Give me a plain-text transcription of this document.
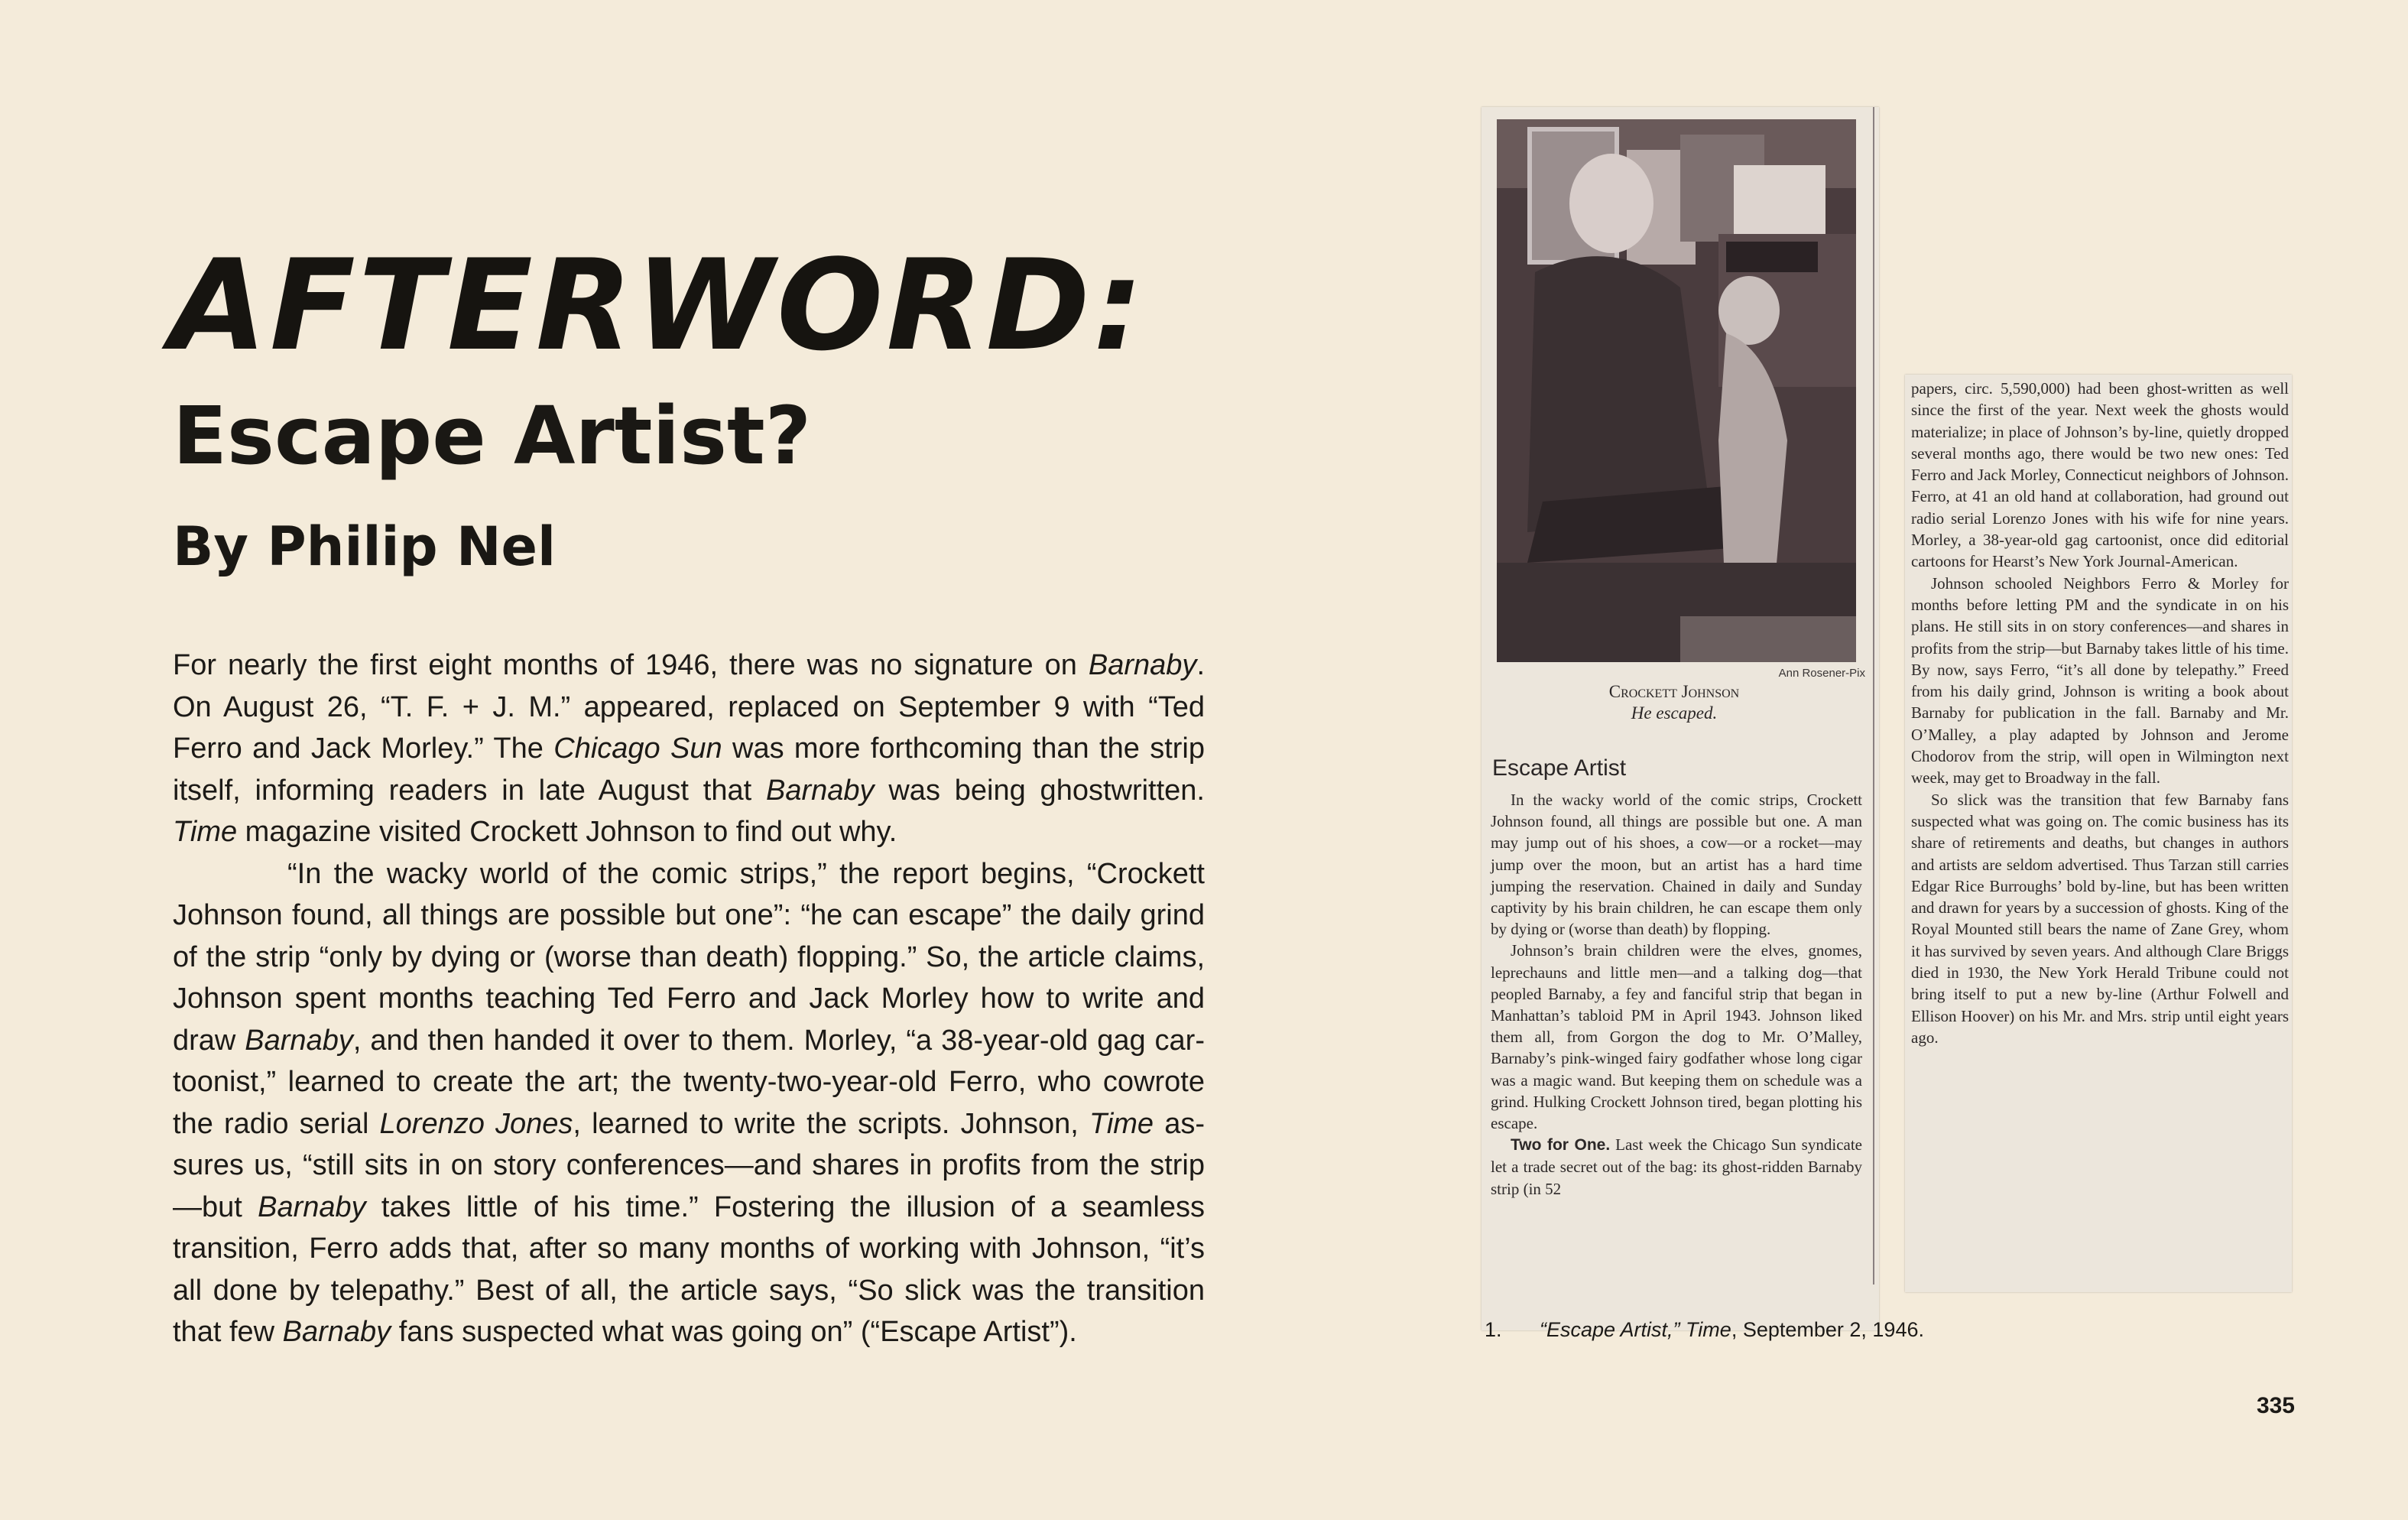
AFTERWORD:
Escape Artist?
By Philip Nel

For nearly the first eight months of 1946, there was no signature on Barnaby. On August 26, “T. F. + J. M.” appeared, replaced on September 9 with “Ted Ferro and Jack Morley.” The Chicago Sun was more forthcoming than the strip itself, informing readers in late August that Barnaby was being ghostwritten. Time magazine visited Crockett Johnson to find out why.

“In the wacky world of the comic strips,” the report begins, “Crockett Johnson found, all things are possible but one”: “he can escape” the daily grind of the strip “only by dying or (worse than death) flopping.” So, the article claims, Johnson spent months teaching Ted Ferro and Jack Morley how to write and draw Barnaby, and then handed it over to them. Morley, “a 38-year-old gag cartoonist,” learned to create the art; the twenty-two-year-old Ferro, who cowrote the radio serial Lorenzo Jones, learned to write the scripts. Johnson, Time assures us, “still sits in on story conferences—and shares in profits from the strip—but Barnaby takes little of his time.” Fostering the illusion of a seamless transition, Ferro adds that, after so many months of working with Johnson, “it’s all done by telepathy.” Best of all, the article says, “So slick was the transition that few Barnaby fans suspected what was going on” (“Escape Artist”).

Ann Rosener-Pix
Crockett Johnson
He escaped.
Escape Artist

In the wacky world of the comic strips, Crockett Johnson found, all things are possible but one. A man may jump out of his shoes, a cow—or a rocket—may jump over the moon, but an artist has a hard time jumping the reservation. Chained in daily and Sunday captivity by his brain children, he can escape them only by dying or (worse than death) by flopping.

Johnson’s brain children were the elves, gnomes, leprechauns and little men—and a talking dog—that peopled Barnaby, a fey and fanciful strip that began in Manhattan’s tabloid PM in April 1943. Johnson liked them all, from Gorgon the dog to Mr. O’Malley, Barnaby’s pink-winged fairy godfather whose long cigar was a magic wand. But keeping them on schedule was a grind. Hulking Crockett Johnson tired, began plotting his escape.

Two for One. Last week the Chicago Sun syndicate let a trade secret out of the bag: its ghost-ridden Barnaby strip (in 52

papers, circ. 5,590,000) had been ghost-written as well since the first of the year. Next week the ghosts would materialize; in place of Johnson’s by-line, quietly dropped several months ago, there would be two new ones: Ted Ferro and Jack Morley, Connecticut neighbors of Johnson. Ferro, at 41 an old hand at collaboration, had ground out radio serial Lorenzo Jones with his wife for nine years. Morley, a 38-year-old gag cartoonist, once did editorial cartoons for Hearst’s New York Journal-American.

Johnson schooled Neighbors Ferro & Morley for months before letting PM and the syndicate in on his plans. He still sits in on story conferences—and shares in profits from the strip—but Barnaby takes little of his time. By now, says Ferro, “it’s all done by telepathy.” Freed from his daily grind, Johnson is writing a book about Barnaby for publication in the fall. Barnaby and Mr. O’Malley, a play adapted by Johnson and Jerome Chodorov from the strip, will open in Wilmington next week, may get to Broadway in the fall.

So slick was the transition that few Barnaby fans suspected what was going on. The comic business has its share of retirements and deaths, but changes in authors and artists are seldom advertised. Thus Tarzan still carries Edgar Rice Burroughs’ bold by-line, but has been written and drawn for years by a succession of ghosts. King of the Royal Mounted still bears the name of Zane Grey, whom it has survived by seven years. And although Clare Briggs died in 1930, the New York Herald Tribune could not bring itself to put a new by-line (Arthur Folwell and Ellison Hoover) on his Mr. and Mrs. strip until eight years ago.

1. “Escape Artist,” Time, September 2, 1946.
335
